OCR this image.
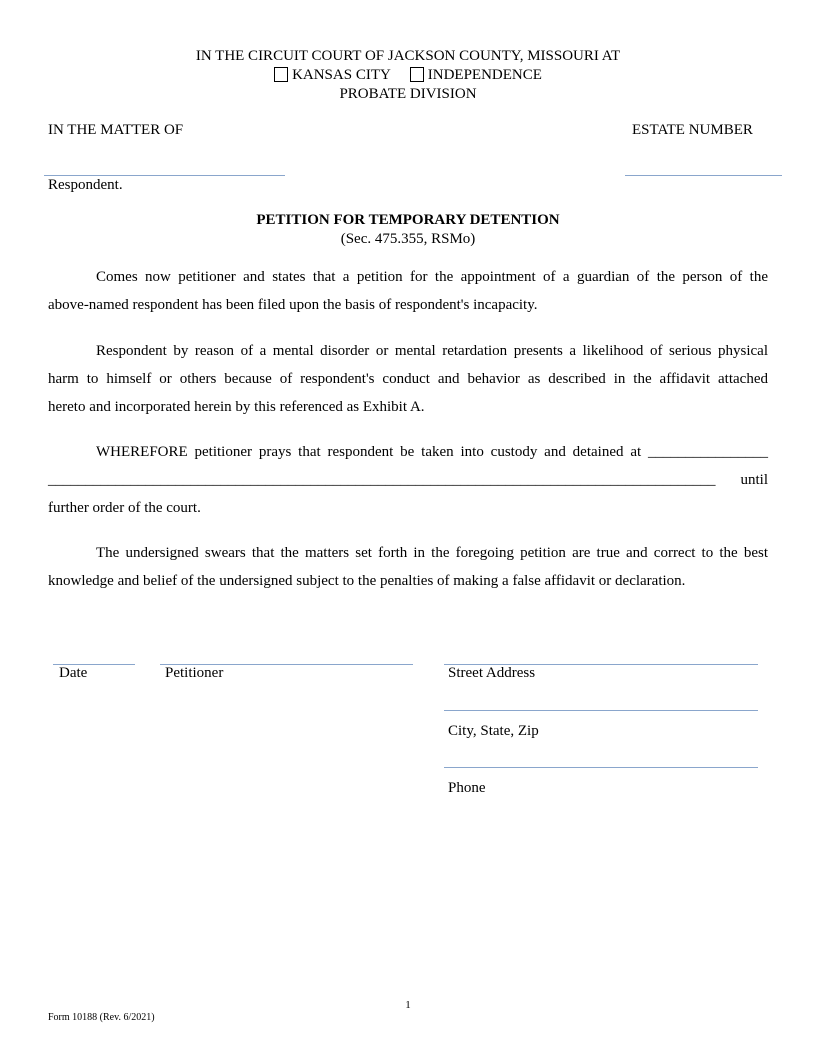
IN THE CIRCUIT COURT OF JACKSON COUNTY, MISSOURI AT
KANSAS CITY	INDEPENDENCE
PROBATE DIVISION
IN THE MATTER OF	ESTATE NUMBER
Respondent.
PETITION FOR TEMPORARY DETENTION
(Sec. 475.355, RSMo)
Comes now petitioner and states that a petition for the appointment of a guardian of the person of the
above-named respondent has been filed upon the basis of respondent's incapacity.
Respondent by reason of a mental disorder or mental retardation presents a likelihood of serious physical
harm to himself or others because of respondent's conduct and behavior as described in the affidavit attached
hereto and incorporated herein by this referenced as Exhibit A.
WHEREFORE petitioner prays that respondent be taken into custody and detained at ________________
_________________________________________________________________________________________ until
further order of the court.
The undersigned swears that the matters set forth in the foregoing petition are true and correct to the best
knowledge and belief of the undersigned subject to the penalties of making a false affidavit or declaration.
Date	Petitioner	Street Address
City, State, Zip
Phone
1
Form 10188 (Rev. 6/2021)
